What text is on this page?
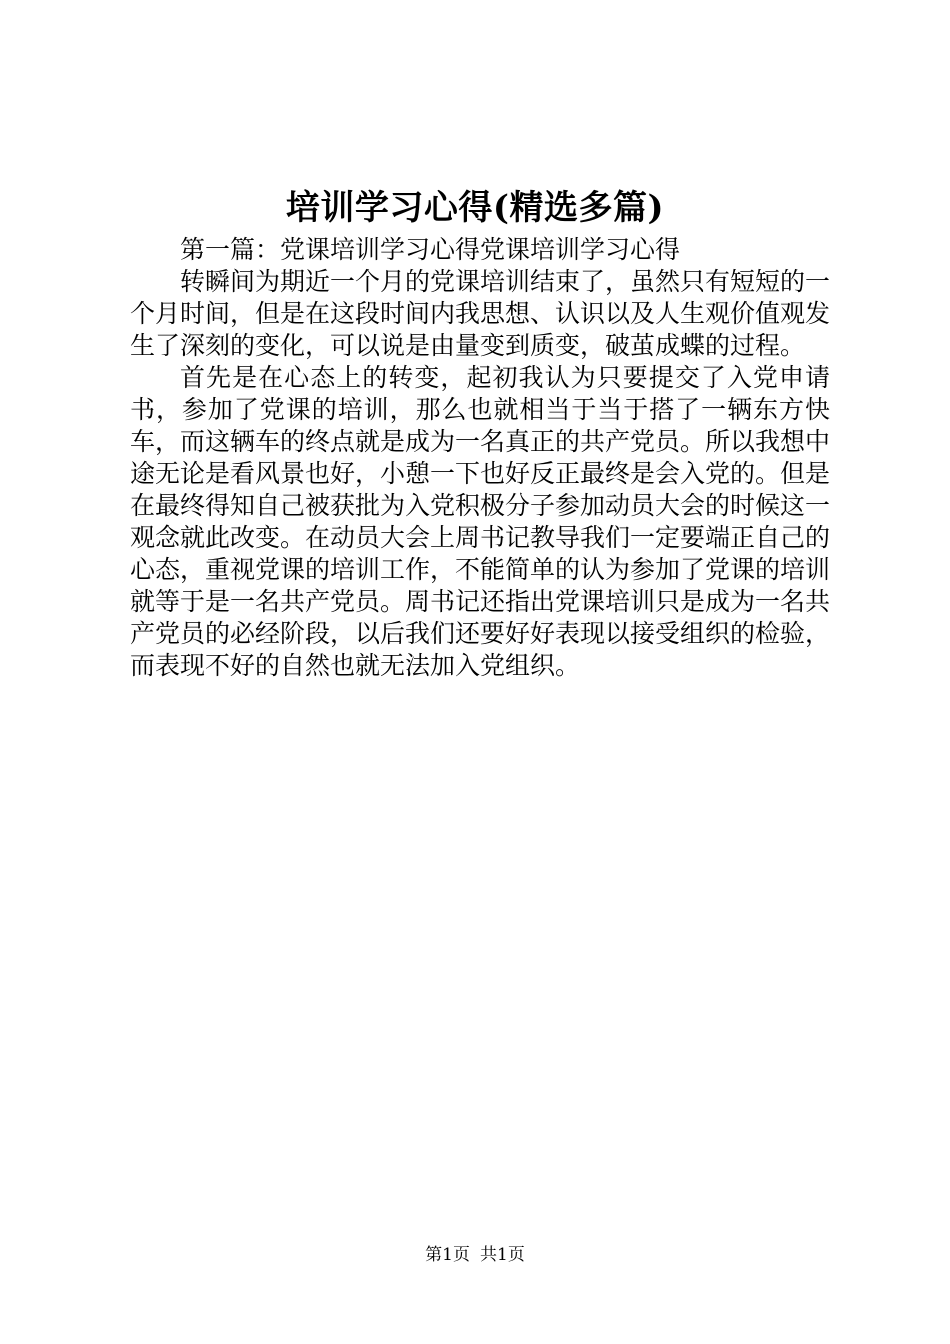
培训学习心得(精选多篇)

第一篇：党课培训学习心得党课培训学习心得

转瞬间为期近一个月的党课培训结束了，虽然只有短短的一个月时间，但是在这段时间内我思想、认识以及人生观价值观发生了深刻的变化，可以说是由量变到质变，破茧成蝶的过程。

首先是在心态上的转变，起初我认为只要提交了入党申请书，参加了党课的培训，那么也就相当于当于搭了一辆东方快车，而这辆车的终点就是成为一名真正的共产党员。所以我想中途无论是看风景也好，小憩一下也好反正最终是会入党的。但是在最终得知自己被获批为入党积极分子参加动员大会的时候这一观念就此改变。在动员大会上周书记教导我们一定要端正自己的心态，重视党课的培训工作，不能简单的认为参加了党课的培训就等于是一名共产党员。周书记还指出党课培训只是成为一名共产党员的必经阶段，以后我们还要好好表现以接受组织的检验，而表现不好的自然也就无法加入党组织。

第1页 共1页
